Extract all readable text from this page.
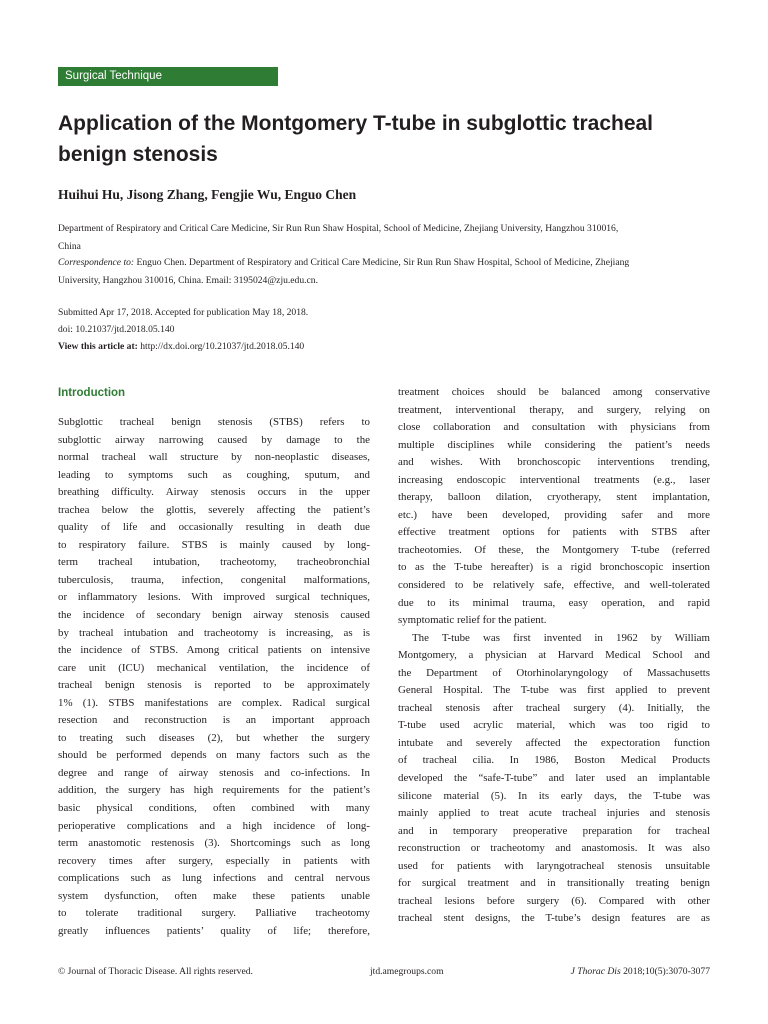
Surgical Technique
Application of the Montgomery T-tube in subglottic tracheal
benign stenosis

Huihui Hu, Jisong Zhang, Fengjie Wu, Enguo Chen

Department of Respiratory and Critical Care Medicine, Sir Run Run Shaw Hospital, School of Medicine, Zhejiang University, Hangzhou 310016,
China

Correspondence to: Enguo Chen. Department of Respiratory and Critical Care Medicine, Sir Run Run Shaw Hospital, School of Medicine, Zhejiang
University, Hangzhou 310016, China. Email: 3195024@zju.edu.cn.

Submitted Apr 17, 2018. Accepted for publication May 18, 2018.

doi: 10.21037/jtd.2018.05.140

View this article at: http://dx.doi.org/10.21037/jtd.2018.05.140

Introduction
Subglottic tracheal benign stenosis (STBS) refers to
subglottic airway narrowing caused by damage to the
normal tracheal wall structure by non-neoplastic diseases,
leading to symptoms such as coughing, sputum, and
breathing difficulty. Airway stenosis occurs in the upper
trachea below the glottis, severely affecting the patient’s
quality of life and occasionally resulting in death due
to respiratory failure. STBS is mainly caused by long-
term tracheal intubation, tracheotomy, tracheobronchial
tuberculosis, trauma, infection, congenital malformations,
or inflammatory lesions. With improved surgical techniques,
the incidence of secondary benign airway stenosis caused
by tracheal intubation and tracheotomy is increasing, as is
the incidence of STBS. Among critical patients on intensive
care unit (ICU) mechanical ventilation, the incidence of
tracheal benign stenosis is reported to be approximately
1% (1). STBS manifestations are complex. Radical surgical
resection and reconstruction is an important approach
to treating such diseases (2), but whether the surgery
should be performed depends on many factors such as the
degree and range of airway stenosis and co-infections. In
addition, the surgery has high requirements for the patient’s
basic physical conditions, often combined with many
perioperative complications and a high incidence of long-
term anastomotic restenosis (3). Shortcomings such as long
recovery times after surgery, especially in patients with
complications such as lung infections and central nervous
system dysfunction, often make these patients unable
to tolerate traditional surgery. Palliative tracheotomy
greatly influences patients’ quality of life; therefore,
treatment choices should be balanced among conservative
treatment, interventional therapy, and surgery, relying on
close collaboration and consultation with physicians from
multiple disciplines while considering the patient’s needs
and wishes. With bronchoscopic interventions trending,
increasing endoscopic interventional treatments (e.g., laser
therapy, balloon dilation, cryotherapy, stent implantation,
etc.) have been developed, providing safer and more
effective treatment options for patients with STBS after
tracheotomies. Of these, the Montgomery T-tube (referred
to as the T-tube hereafter) is a rigid bronchoscopic insertion
considered to be relatively safe, effective, and well-tolerated
due to its minimal trauma, easy operation, and rapid
symptomatic relief for the patient.
The T-tube was first invented in 1962 by William
Montgomery, a physician at Harvard Medical School and
the Department of Otorhinolaryngology of Massachusetts
General Hospital. The T-tube was first applied to prevent
tracheal stenosis after tracheal surgery (4). Initially, the
T-tube used acrylic material, which was too rigid to
intubate and severely affected the expectoration function
of tracheal cilia. In 1986, Boston Medical Products
developed the “safe-T-tube” and later used an implantable
silicone material (5). In its early days, the T-tube was
mainly applied to treat acute tracheal injuries and stenosis
and in temporary preoperative preparation for tracheal
reconstruction or tracheotomy and anastomosis. It was also
used for patients with laryngotracheal stenosis unsuitable
for surgical treatment and in transitionally treating benign
tracheal lesions before surgery (6). Compared with other
tracheal stent designs, the T-tube’s design features are as

© Journal of Thoracic Disease. All rights reserved.	jtd.amegroups.com	J Thorac Dis 2018;10(5):3070-3077
